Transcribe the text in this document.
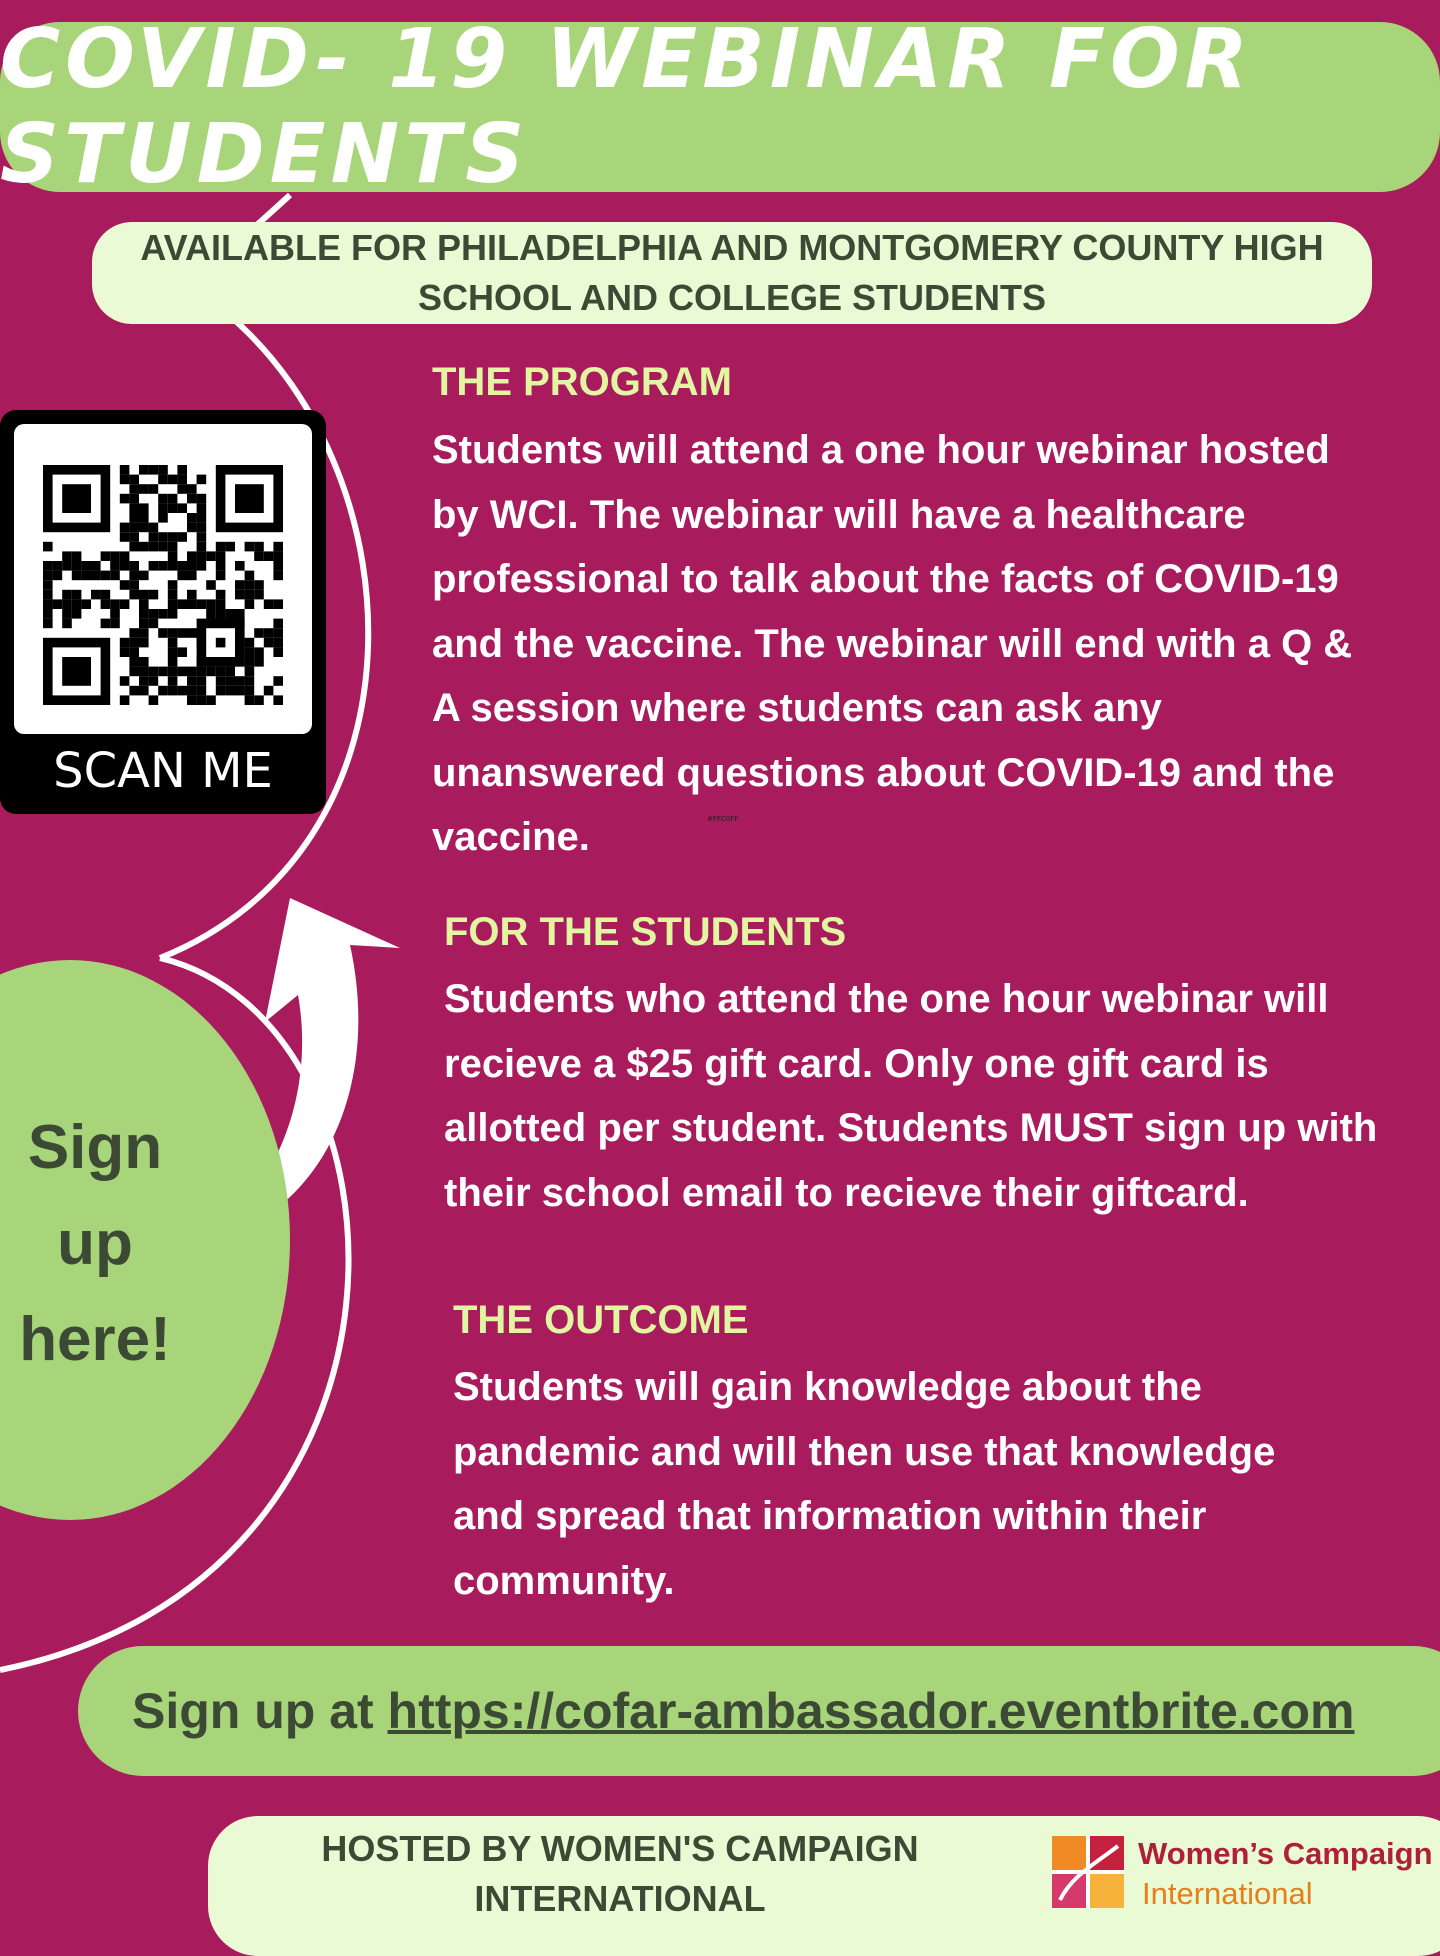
COVID- 19 WEBINAR FOR STUDENTS
AVAILABLE FOR PHILADELPHIA AND MONTGOMERY COUNTY HIGH
SCHOOL AND COLLEGE STUDENTS
SCAN ME
THE PROGRAM
Students will attend a one hour webinar hosted
by WCI. The webinar will have a healthcare
professional to talk about the facts of COVID-19
and the vaccine. The webinar will end with a Q &
A session where students can ask any
unanswered questions about COVID-19 and the
vaccine.	#FFC0FF
FOR THE STUDENTS
Students who attend the one hour webinar will
recieve a $25 gift card. Only one gift card is
allotted per student. Students MUST sign up with
their school email to recieve their giftcard.
THE OUTCOME
Students will gain knowledge about the
pandemic and will then use that knowledge
and spread that information within their
community.
Sign
up
here!
Sign up at https://cofar-ambassador.eventbrite.com
HOSTED BY WOMEN'S CAMPAIGN
INTERNATIONAL
Women’s Campaign
International
